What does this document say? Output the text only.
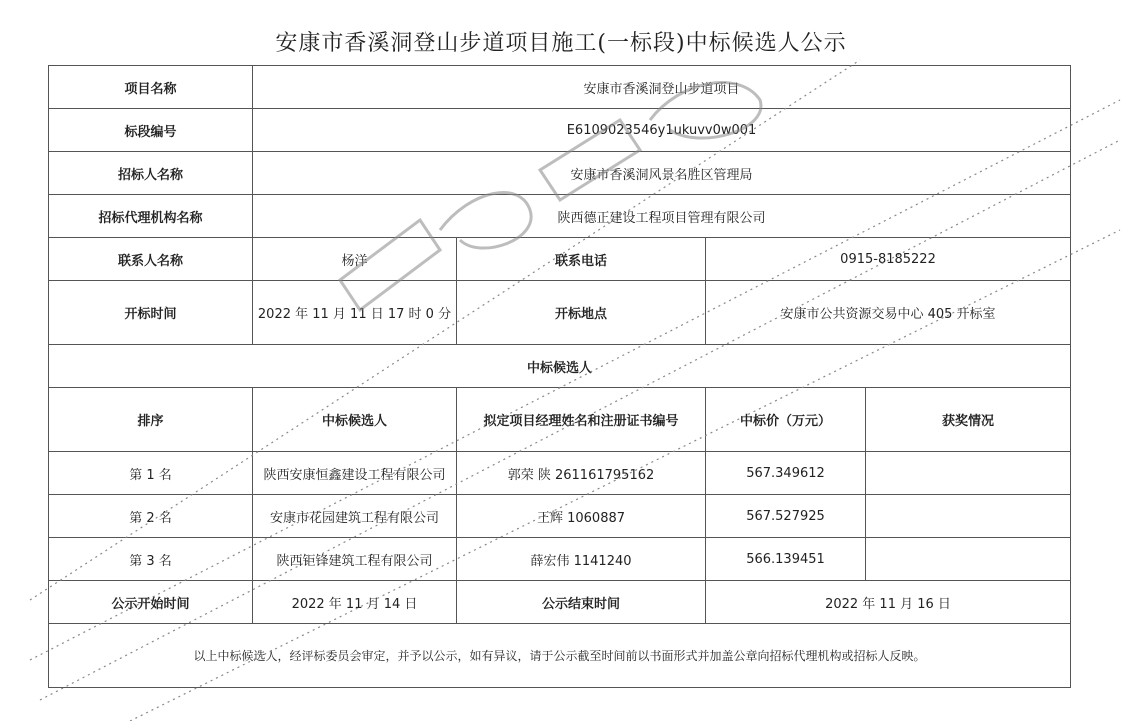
安康市香溪洞登山步道项目施工(一标段)中标候选人公示
项目名称	安康市香溪洞登山步道项目			
标段编号	E6109023546y1ukuvv0w001			
招标人名称	安康市香溪洞风景名胜区管理局			
招标代理机构名称	陕西德正建设工程项目管理有限公司			
联系人名称	杨洋	联系电话	0915-8185222	
开标时间	2022 年 11 月 11 日 17 时 0 分	开标地点	安康市公共资源交易中心 405 开标室	
中标候选人				
排序	中标候选人	拟定项目经理姓名和注册证书编号	中标价（万元）	获奖情况
第 1 名	陕西安康恒鑫建设工程有限公司	郭荣 陕 261161795162	567.349612	
第 2 名	安康市花园建筑工程有限公司	王辉 1060887	567.527925	
第 3 名	陕西钜锋建筑工程有限公司	薛宏伟 1141240	566.139451	
公示开始时间	2022 年 11 月 14 日	公示结束时间	2022 年 11 月 16 日	
以上中标候选人，经评标委员会审定，并予以公示，如有异议，请于公示截至时间前以书面形式并加盖公章向招标代理机构或招标人反映。				
